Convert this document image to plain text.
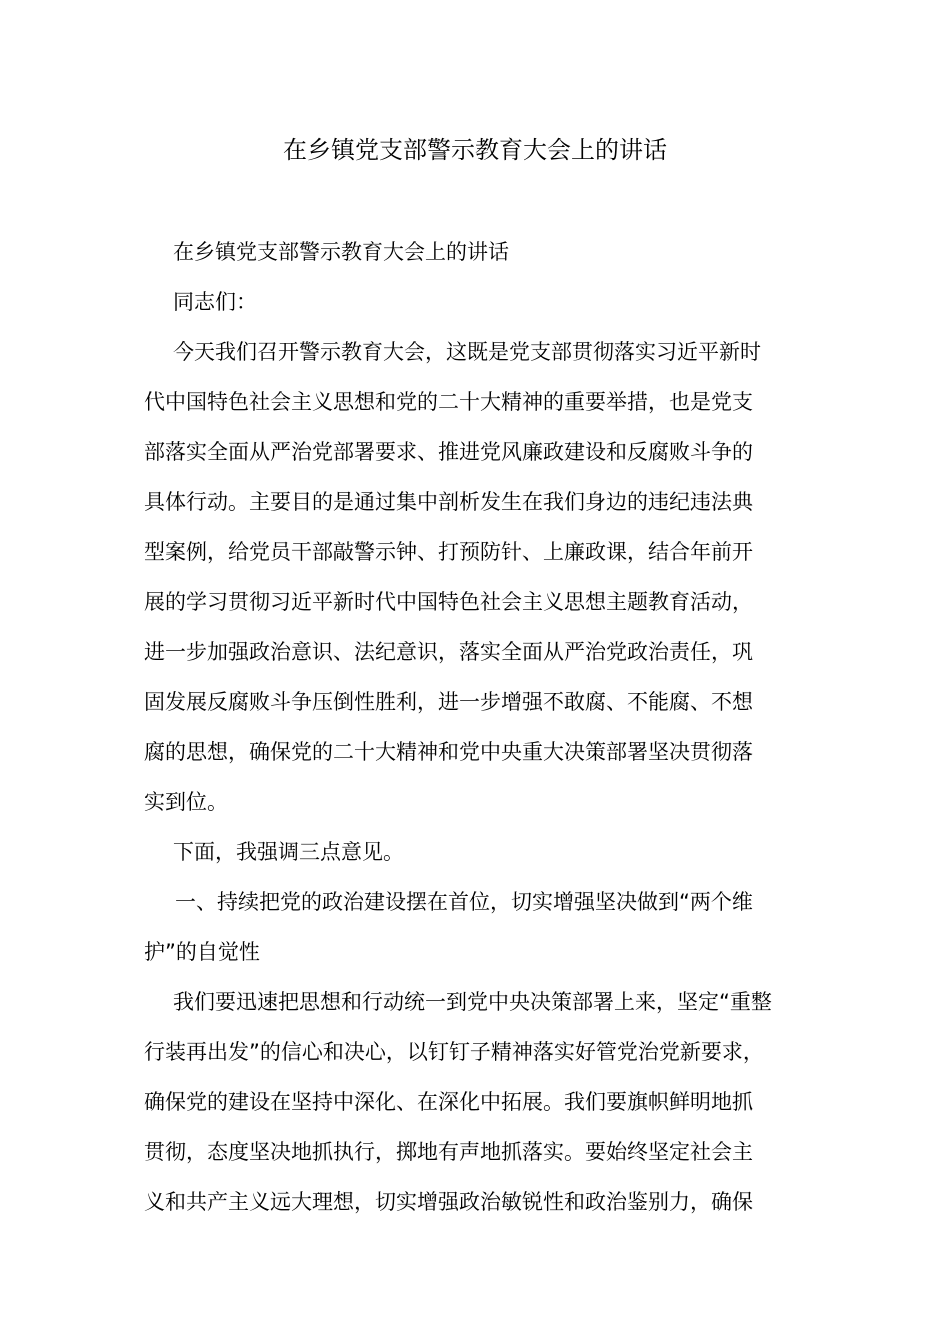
在乡镇党支部警示教育大会上的讲话
在乡镇党支部警示教育大会上的讲话
同志们：
今天我们召开警示教育大会，这既是党支部贯彻落实习近平新时
代中国特色社会主义思想和党的二十大精神的重要举措，也是党支
部落实全面从严治党部署要求、推进党风廉政建设和反腐败斗争的
具体行动。主要目的是通过集中剖析发生在我们身边的违纪违法典
型案例，给党员干部敲警示钟、打预防针、上廉政课，结合年前开
展的学习贯彻习近平新时代中国特色社会主义思想主题教育活动，
进一步加强政治意识、法纪意识，落实全面从严治党政治责任，巩
固发展反腐败斗争压倒性胜利，进一步增强不敢腐、不能腐、不想
腐的思想，确保党的二十大精神和党中央重大决策部署坚决贯彻落
实到位。
下面，我强调三点意见。
一、持续把党的政治建设摆在首位，切实增强坚决做到“两个维
护”的自觉性
我们要迅速把思想和行动统一到党中央决策部署上来，坚定“重整
行装再出发”的信心和决心，以钉钉子精神落实好管党治党新要求，
确保党的建设在坚持中深化、在深化中拓展。我们要旗帜鲜明地抓
贯彻，态度坚决地抓执行，掷地有声地抓落实。要始终坚定社会主
义和共产主义远大理想，切实增强政治敏锐性和政治鉴别力，确保
